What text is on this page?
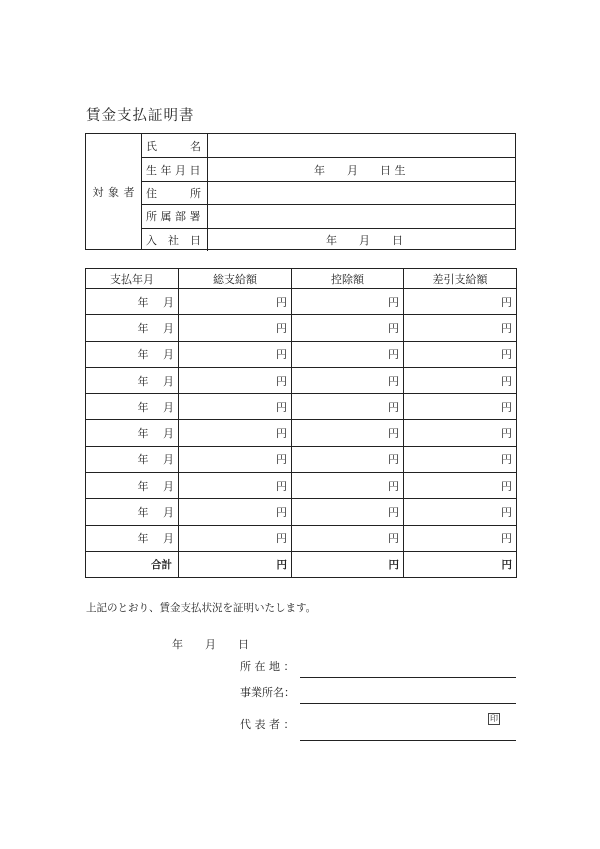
賃金支払証明書
対 象 者
氏　　　名
生 年 月 日	年　　月　　日 生
住　　　所
所 属 部 署
入　社　日	年　　月　　日
支払年月	総支給額	控除額	差引支給額
年 月	円	円	円
年 月	円	円	円
年 月	円	円	円
年 月	円	円	円
年 月	円	円	円
年 月	円	円	円
年 月	円	円	円
年 月	円	円	円
年 月	円	円	円
年 月	円	円	円
合計	円	円	円
上記のとおり、賃金支払状況を証明いたします。
年　　月　　日
所 在 地 ：
事業所名：
代 表 者 ：	印
